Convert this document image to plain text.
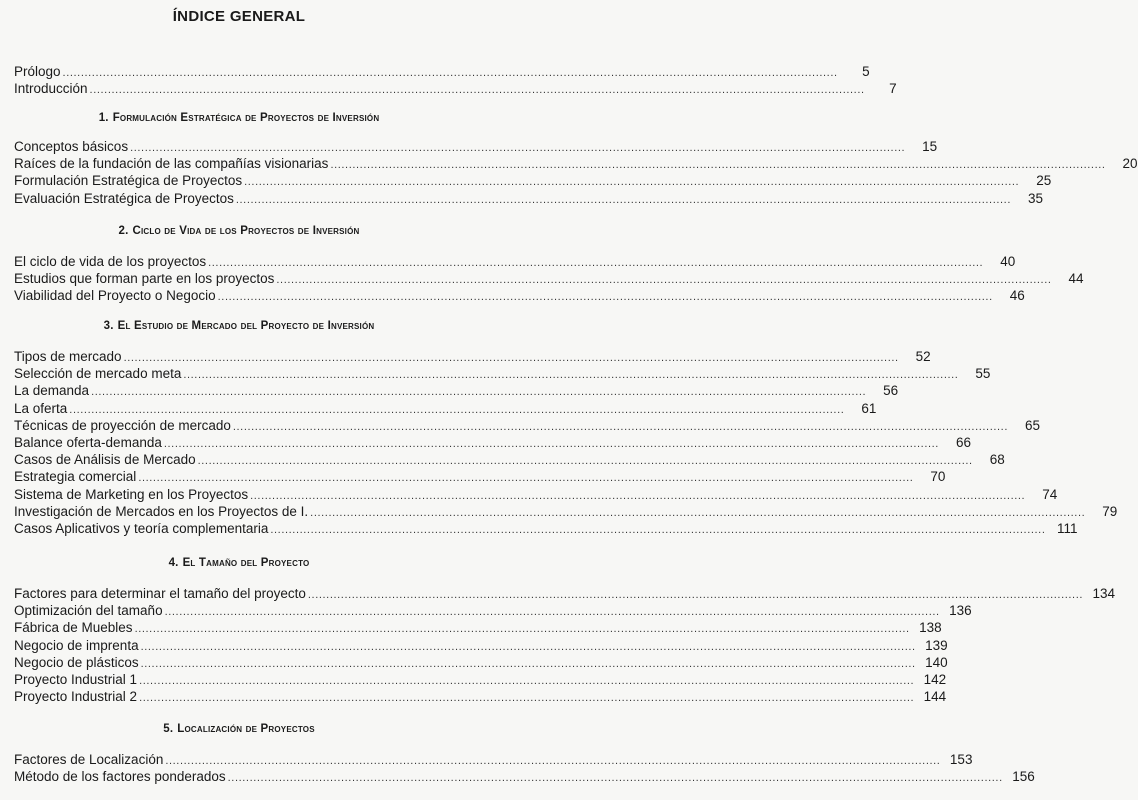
ÍNDICE GENERAL
Prólogo .....	5
Introducción .....	7
1. Formulación Estratégica de Proyectos de Inversión
Conceptos básicos .....	15
Raíces de la fundación de las compañías visionarias .....	20
Formulación Estratégica de Proyectos .....	25
Evaluación Estratégica de Proyectos .....	35
2. Ciclo de Vida de los Proyectos de Inversión
El ciclo de vida de los proyectos .....	40
Estudios que forman parte en los proyectos .....	44
Viabilidad del Proyecto o Negocio .....	46
3. El Estudio de Mercado del Proyecto de Inversión
Tipos de mercado .....	52
Selección de mercado meta .....	55
La demanda .....	56
La oferta .....	61
Técnicas de proyección de mercado .....	65
Balance oferta-demanda .....	66
Casos de Análisis de Mercado .....	68
Estrategia comercial .....	70
Sistema de Marketing en los Proyectos .....	74
Investigación de Mercados en los Proyectos de I. .....	79
Casos Aplicativos y teoría complementaria .....	111
4. El Tamaño del Proyecto
Factores para determinar el tamaño del proyecto .....	134
Optimización del tamaño .....	136
Fábrica de Muebles .....	138
Negocio de imprenta .....	139
Negocio de plásticos .....	140
Proyecto Industrial 1 .....	142
Proyecto Industrial 2 .....	144
5. Localización de Proyectos
Factores de Localización .....	153
Método de los factores ponderados .....	156
